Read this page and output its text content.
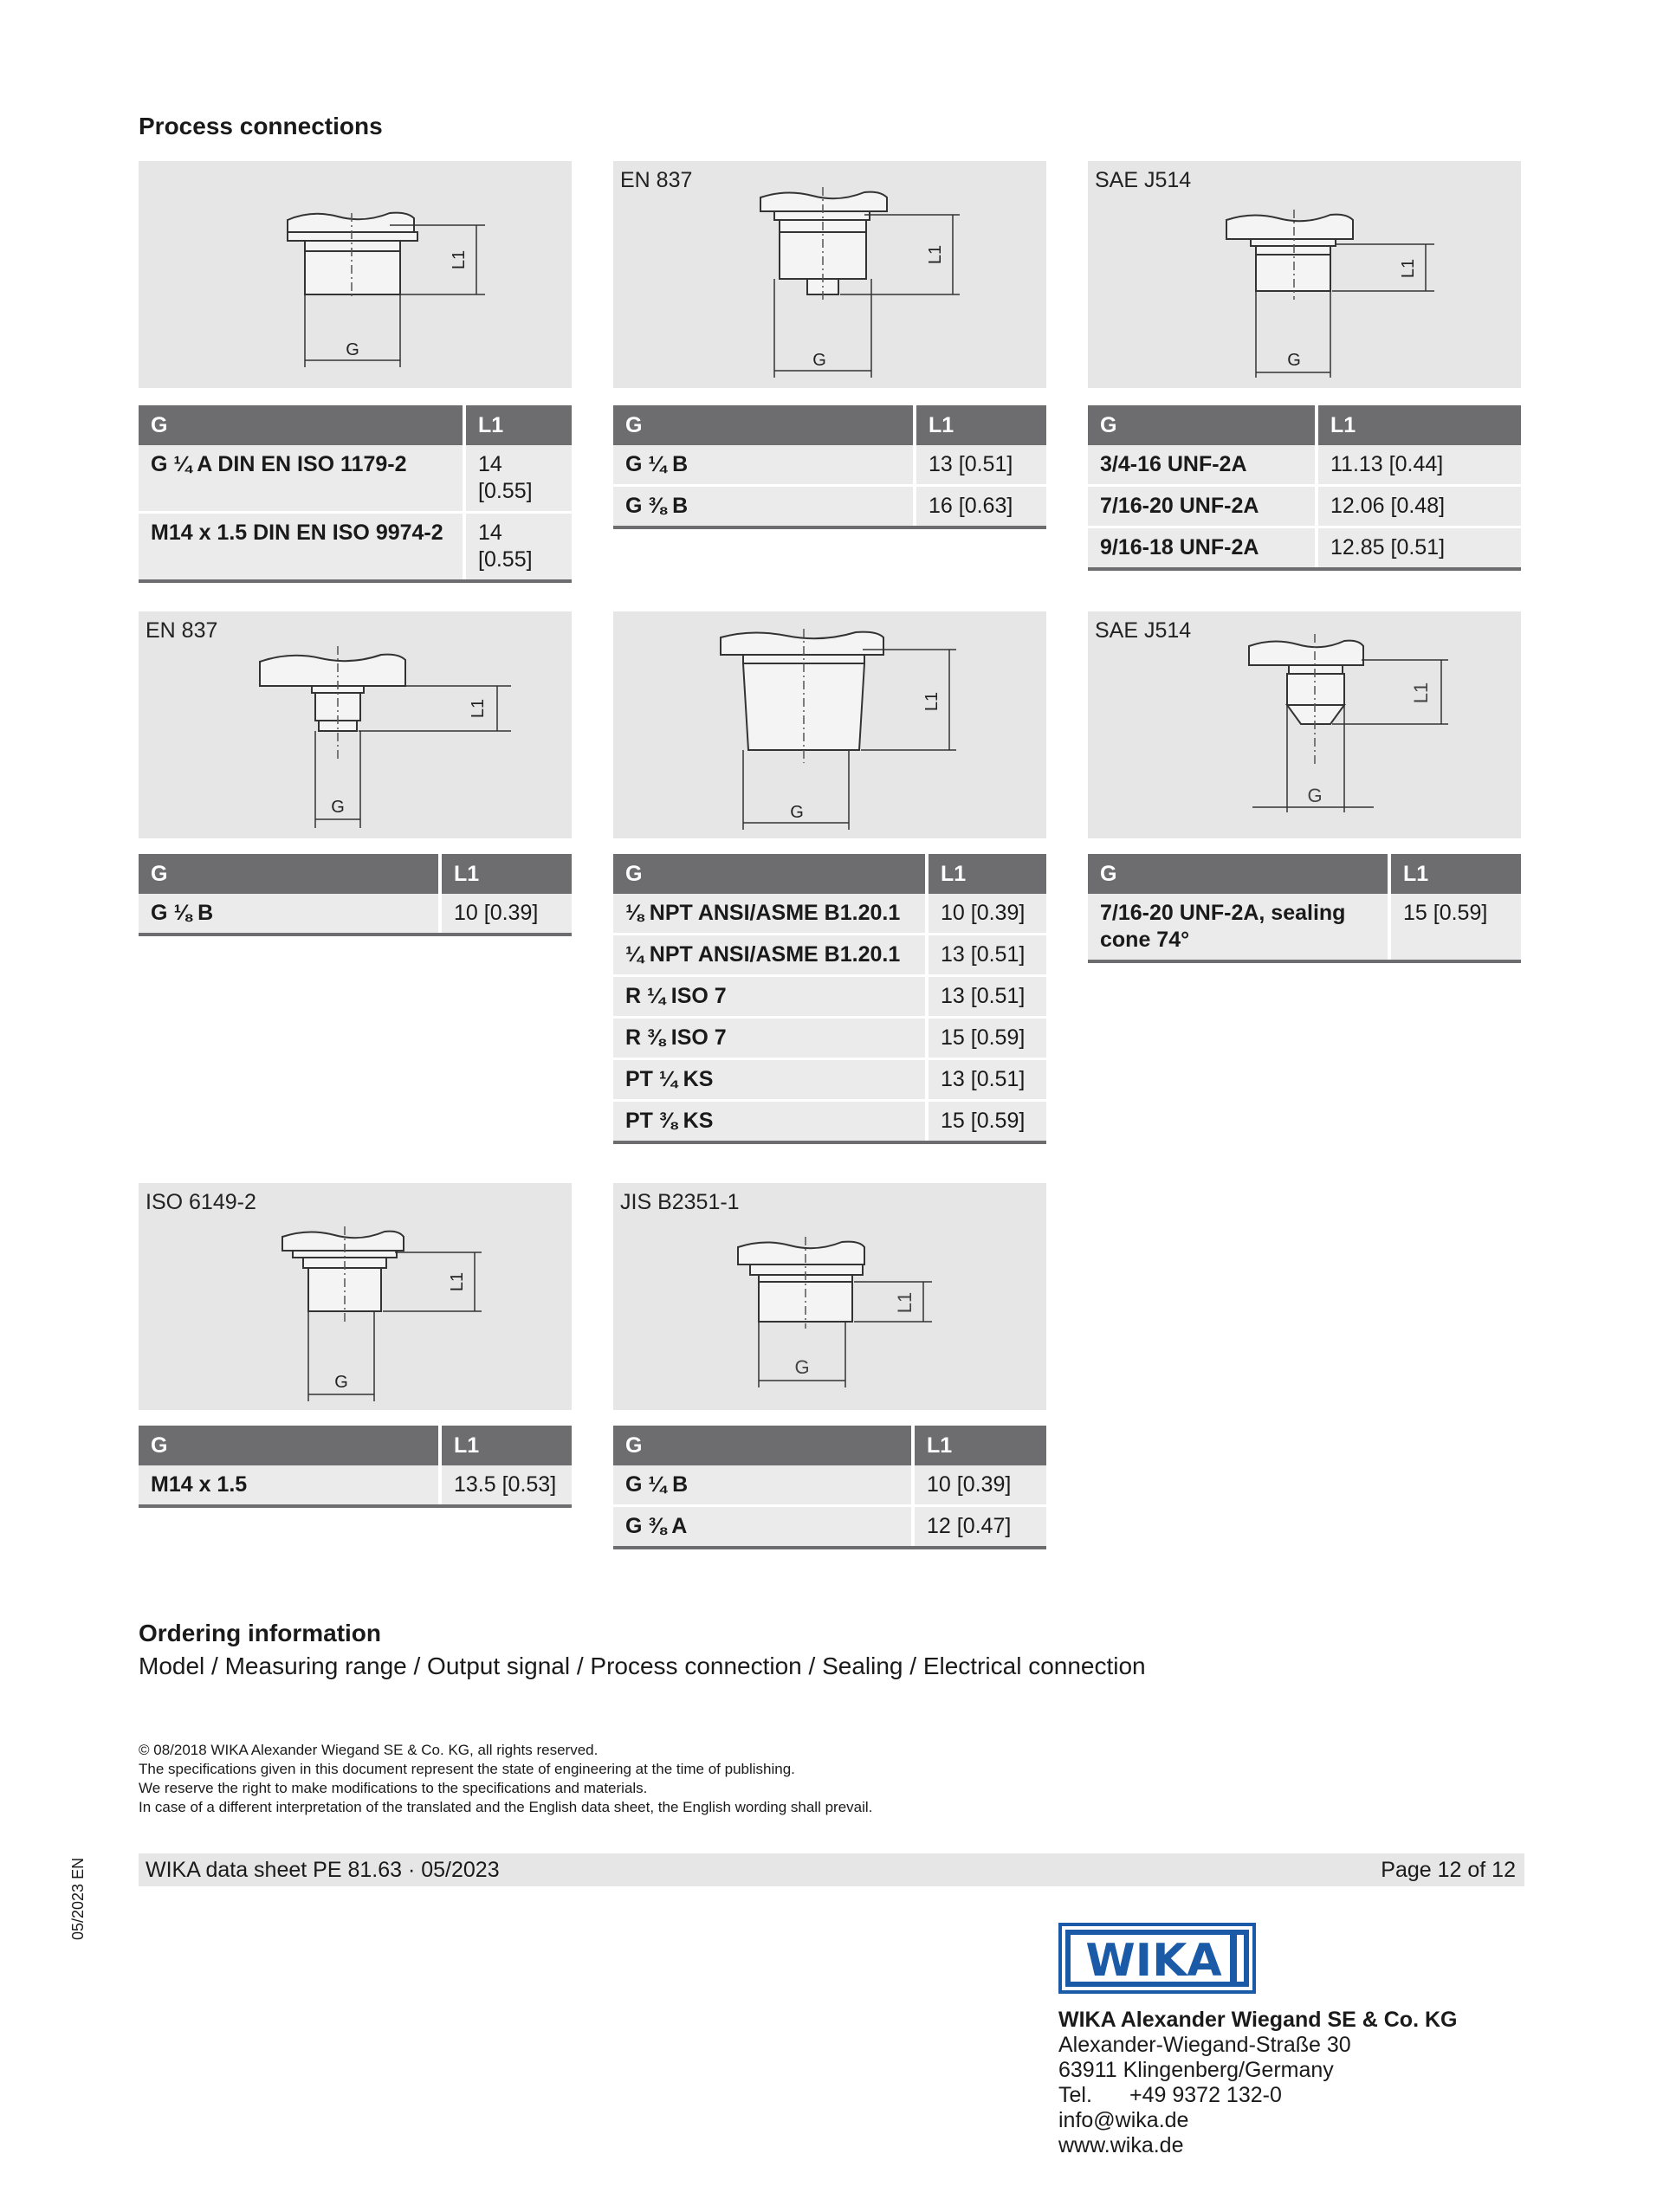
Process connections
G
L1
G	L1
G ¼ A DIN EN ISO 1179-2	14 [0.55]
M14 x 1.5 DIN EN ISO 9974-2	14 [0.55]
EN 837
G
L1
G	L1
G ¼ B	13 [0.51]
G ⅜ B	16 [0.63]
SAE J514
G
L1
G	L1
3/4-16 UNF-2A	11.13 [0.44]
7/16-20 UNF-2A	12.06 [0.48]
9/16-18 UNF-2A	12.85 [0.51]
EN 837
G
L1
G	L1
G ⅛ B	10 [0.39]
G
L1
G	L1
⅛ NPT ANSI/ASME B1.20.1	10 [0.39]
¼ NPT ANSI/ASME B1.20.1	13 [0.51]
R ¼ ISO 7	13 [0.51]
R ⅜ ISO 7	15 [0.59]
PT ¼ KS	13 [0.51]
PT ⅜ KS	15 [0.59]
SAE J514
G
L1
G	L1
7/16-20 UNF-2A, sealing cone 74°	15 [0.59]
ISO 6149-2
G
L1
G	L1
M14 x 1.5	13.5 [0.53]
JIS B2351-1
G
L1
G	L1
G ¼ B	10 [0.39]
G ⅜ A	12 [0.47]
Ordering information
Model / Measuring range / Output signal / Process connection / Sealing / Electrical connection
© 08/2018 WIKA Alexander Wiegand SE & Co. KG, all rights reserved.
The specifications given in this document represent the state of engineering at the time of publishing.
We reserve the right to make modifications to the specifications and materials.
In case of a different interpretation of the translated and the English data sheet, the English wording shall prevail.
WIKA data sheet PE 81.63 · 05/2023	Page 12 of 12
05/2023 EN
WIKA
WIKA Alexander Wiegand SE & Co. KG
Alexander-Wiegand-Straße 30
63911 Klingenberg/Germany
Tel. +49 9372 132-0
info@wika.de
www.wika.de
